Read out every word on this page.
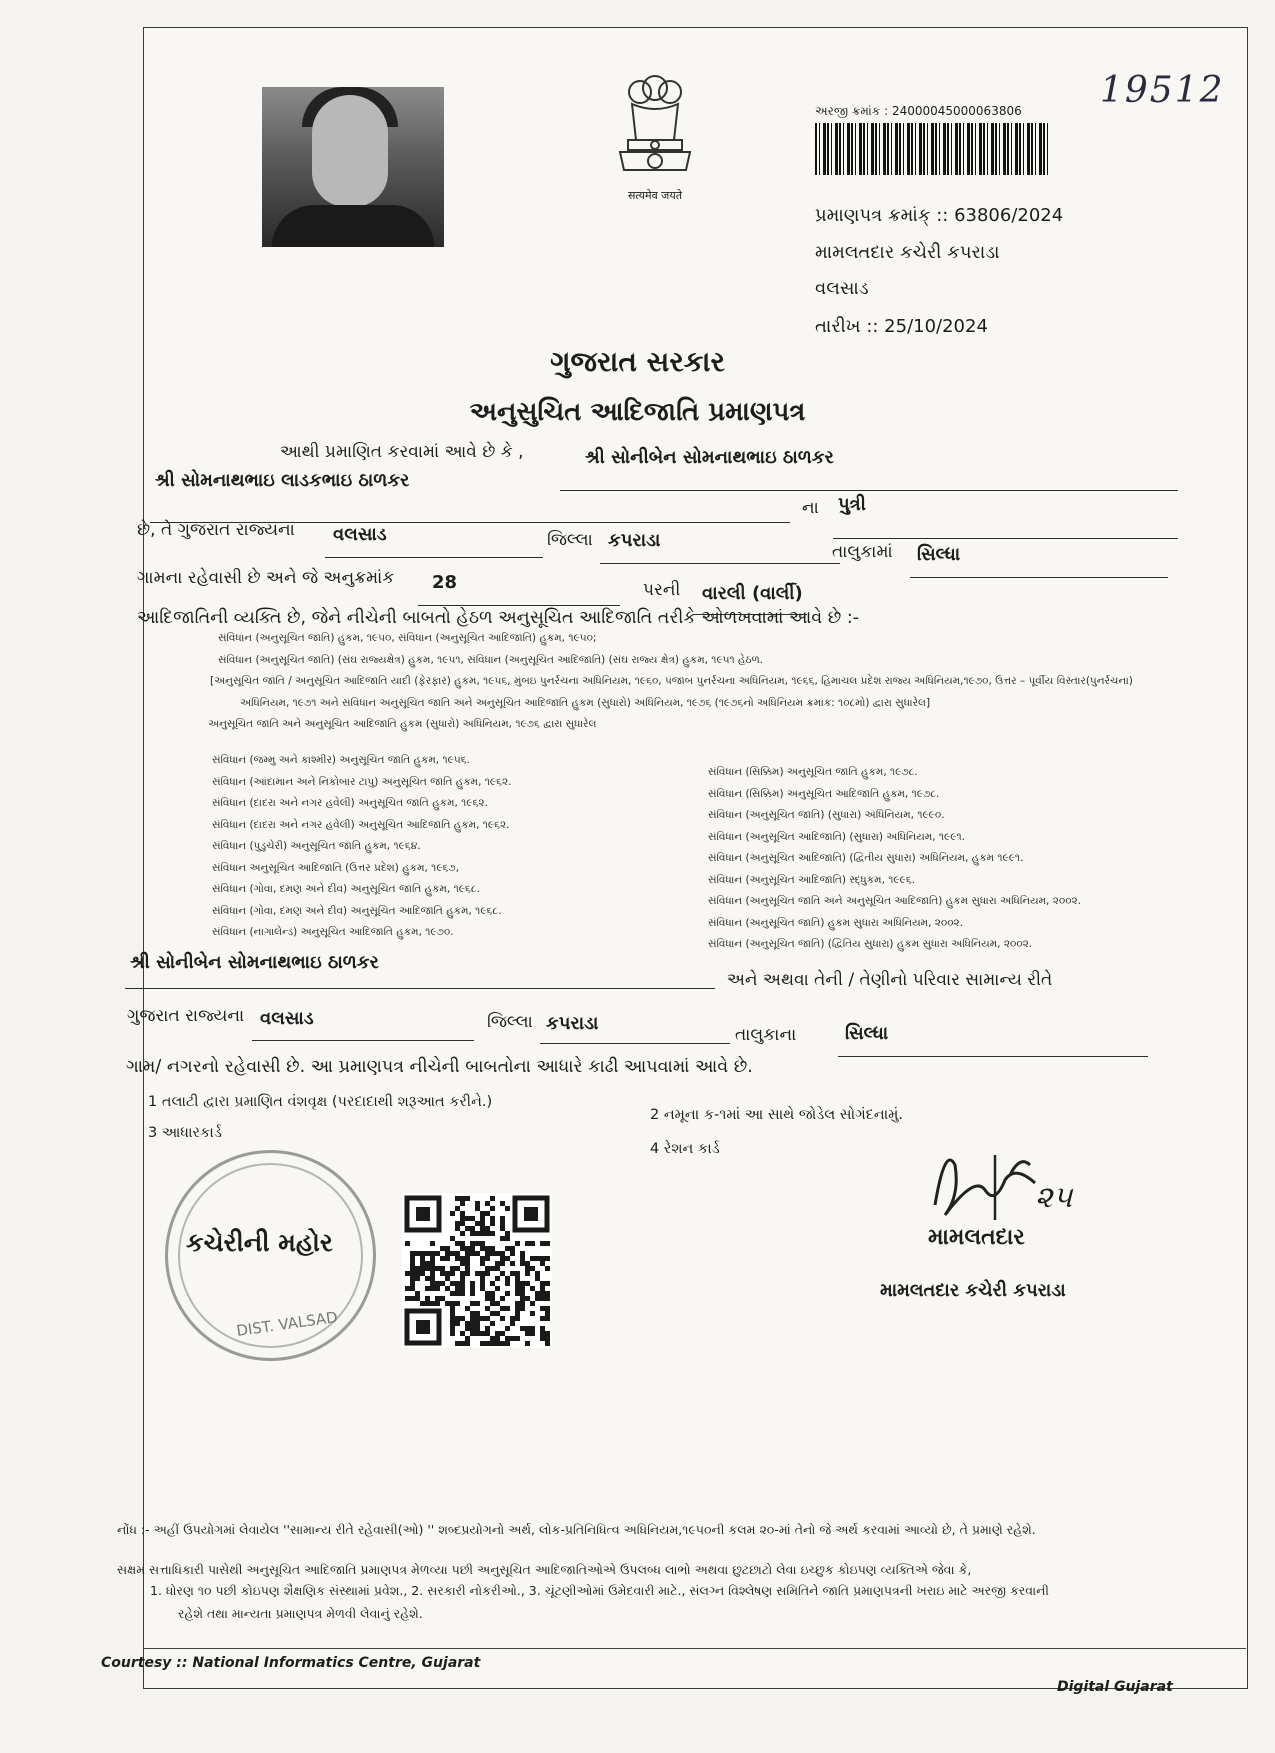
19512
सत्यमेव जयते
અરજી ક્રમાંક : 24000045000063806
પ્રમાણપત્ર ક્રમાંક્ :: 63806/2024
મામલતદાર કચેરી કપરાડા
વલસાડ
તારીખ :: 25/10/2024
ગુજરાત સરકાર
અનુસુચિત આદિજાતિ પ્રમાણપત્ર
આથી પ્રમાણિત કરવામાં આવે છે કે ,	શ્રી સોનીબેન સોમનાથભાઇ ઠાળકર
શ્રી સોમનાથભાઇ લાડકભાઇ ઠાળકર
ના પુત્રી
છે, તે ગુજરાત રાજ્યના વલસાડ	જિલ્લા કપરાડા
તાલુકામાં સિલ્ધા
ગામના રહેવાસી છે અને જે અનુક્રમાંક 28	પરની વારલી (વાર્લી)
આદિજાતિની વ્યક્તિ છે, જેને નીચેની બાબતો હેઠળ અનુસૂચિત આદિજાતિ તરીકે ઓળખવામાં આવે છે :-
સંવિધાન (અનુસૂચિત જાતિ) હુકમ, ૧૯૫૦, સંવિધાન (અનુસૂચિત આદિજાતિ) હુકમ, ૧૯૫૦;
સંવિધાન (અનુસૂચિત જાતિ) (સંઘ રાજ્યક્ષેત્ર) હુકમ, ૧૯૫૧, સંવિધાન (અનુસૂચિત આદિજાતિ) (સંઘ રાજ્ય ક્ષેત્ર) હુકમ, ૧૯૫૧ હેઠળ.
[અનુસૂચિત જાતિ / અનુસૂચિત આદિજાતિ યાદી (ફેરફાર) હુકમ, ૧૯૫૬, મુંબઇ પુનર્રચના અધિનિયમ, ૧૯૬૦, પંજાબ પુનર્રચના અધિનિયમ, ૧૯૬૬, હિમાચલ પ્રદેશ રાજ્ય અધિનિયમ,૧૯૭૦, ઉત્તર – પૂર્વીય વિસ્તાર(પુનર્રચના)
અધિનિયમ, ૧૯૭૧ અને સંવિધાન અનુસૂચિત જાતિ અને અનુસૂચિત આદિજાતિ હુકમ (સુધારો) અધિનિયમ, ૧૯૭૬ (૧૯૭૬નો અધિનિયમ ક્રમાંક: ૧૦૮મો) દ્વારા સુધારેલ]
અનુસૂચિત જાતિ અને અનુસૂચિત આદિજાતિ હુકમ (સુધારો) અધિનિયમ, ૧૯૭૬ દ્વારા સુધારેલ
સંવિધાન (જમ્મુ અને કાશ્મીર) અનુસૂચિત જાતિ હુકમ, ૧૯૫૬.
સંવિધાન (આંદામાન અને નિકોબાર ટાપુ) અનુસૂચિત જાતિ હુકમ, ૧૯૬૨.
સંવિધાન (દાદરા અને નગર હવેલી) અનુસૂચિત જાતિ હુકમ, ૧૯૬૨.
સંવિધાન (દાદરા અને નગર હવેલી) અનુસૂચિત આદિજાતિ હુકમ, ૧૯૬૨.
સંવિધાન (પુડુચેરી) અનુસૂચિત જાતિ હુકમ, ૧૯૬૪.
સંવિધાન અનુસૂચિત આદિજાતિ (ઉત્તર પ્રદેશ) હુકમ, ૧૯૬૭,
સંવિધાન (ગોવા, દમણ અને દીવ) અનુસૂચિત જાતિ હુકમ, ૧૯૬૮.
સંવિધાન (ગોવા, દમણ અને દીવ) અનુસૂચિત આદિજાતિ હુકમ, ૧૯૬૮.
સંવિધાન (નાગાલેન્ડ) અનુસૂચિત આદિજાતિ હુકમ, ૧૯૭૦.
સંવિધાન (સિક્કિમ) અનુસૂચિત જાતિ હુકમ, ૧૯૭૮.
સંવિધાન (સિક્કિમ) અનુસૂચિત આદિજાતિ હુકમ, ૧૯૭૮.
સંવિધાન (અનુસૂચિત જાતિ) (સુધારા) અધિનિયમ, ૧૯૯૦.
સંવિધાન (અનુસૂચિત આદિજાતિ) (સુધારા) અધિનિયમ, ૧૯૯૧.
સંવિધાન (અનુસૂચિત આદિજાતિ) (દ્વિતીય સુધારા) અધિનિયમ, હુકમ ૧૯૯૧.
સંવિધાન (અનુસૂચિત આદિજાતિ) સ્દ્ધુકમ, ૧૯૯૬.
સંવિધાન (અનુસૂચિત જાતિ અને અનુસૂચિત આદિજાતિ) હુકમ સુધારા અધિનિયમ, ૨૦૦૨.
સંવિધાન (અનુસૂચિત જાતિ) હુકમ સુધારા અધિનિયમ, ૨૦૦૨.
સંવિધાન (અનુસૂચિત જાતિ) (દ્વિતિય સુધારા) હુકમ સુધારા અધિનિયમ, ૨૦૦૨.
શ્રી સોનીબેન સોમનાથભાઇ ઠાળકર
અને અથવા તેની / તેણીનો પરિવાર સામાન્ય રીતે
ગુજરાત રાજ્યના વલસાડ	જિલ્લા કપરાડા
તાલુકાના	સિલ્ધા
ગામ/ નગરનો રહેવાસી છે. આ પ્રમાણપત્ર નીચેની બાબતોના આધારે કાઢી આપવામાં આવે છે.
1 તલાટી દ્વારા પ્રમાણિત વંશવૃક્ષ (પરદાદાથી શરૂઆત કરીને.)
2 નમૂના ક-૧માં આ સાથે જોડેલ સોગંદનામું.
3 આધારકાર્ડ
4 રેશન કાર્ડ
કચેરીની મહોર
DIST. VALSAD
૨૫
મામલતદાર
મામલતદાર કચેરી કપરાડા
નોંધ :- અહીં ઉપયોગમાં લેવાયેલ ''સામાન્ય રીતે રહેવાસી(ઓ) '' શબ્દપ્રયોગનો અર્થ, લોક-પ્રતિનિધિત્વ અધિનિયમ,૧૯૫૦ની કલમ ૨૦-માં તેનો જે અર્થ કરવામાં આવ્યો છે, તે પ્રમાણે રહેશે.
સક્ષમ સત્તાધિકારી પાસેથી અનુસૂચિત આદિજાતિ પ્રમાણપત્ર મેળવ્યા પછી અનુસૂચિત આદિજાતિઓએ ઉપલબ્ધ લાભો અથવા છુટછાટો લેવા ઇચ્છુક કોઇપણ વ્યક્તિએ જેવા કે,
1. ધોરણ ૧૦ પછી કોઇપણ શૈક્ષણિક સંસ્થામાં પ્રવેશ., 2. સરકારી નોકરીઓ., 3. ચૂંટણીઓમાં ઉમેદવારી માટે., સંલગ્ન વિશ્લેષણ સમિતિને જાતિ પ્રમાણપત્રની ખરાઇ માટે અરજી કરવાની
રહેશે તથા માન્યતા પ્રમાણપત્ર મેળવી લેવાનું રહેશે.
Courtesy :: National Informatics Centre, Gujarat
Digital Gujarat
